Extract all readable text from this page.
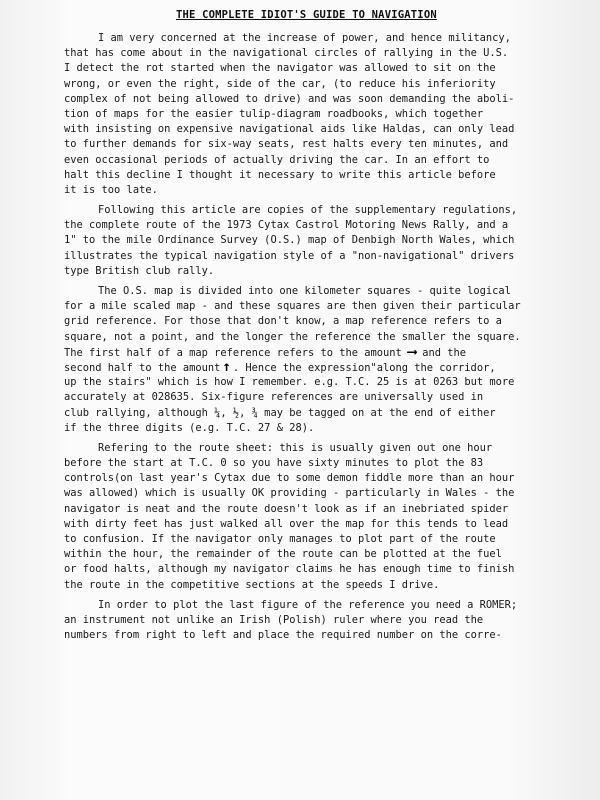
THE COMPLETE IDIOT'S GUIDE TO NAVIGATION
I am very concerned at the increase of power, and hence militancy,
that has come about in the navigational circles of rallying in the U.S.
I detect the rot started when the navigator was allowed to sit on the
wrong, or even the right, side of the car, (to reduce his inferiority
complex of not being allowed to drive) and was soon demanding the aboli-
tion of maps for the easier tulip-diagram roadbooks, which together
with insisting on expensive navigational aids like Haldas, can only lead
to further demands for six-way seats, rest halts every ten minutes, and
even occasional periods of actually driving the car. In an effort to
halt this decline I thought it necessary to write this article before
it is too late.
Following this article are copies of the supplementary regulations,
the complete route of the 1973 Cytax Castrol Motoring News Rally, and a
1" to the mile Ordinance Survey (O.S.) map of Denbigh North Wales, which
illustrates the typical navigation style of a "non-navigational" drivers
type British club rally.
The O.S. map is divided into one kilometer squares - quite logical
for a mile scaled map - and these squares are then given their particular
grid reference. For those that don't know, a map reference refers to a
square, not a point, and the longer the reference the smaller the square.
The first half of a map reference refers to the amount ⟶ and the
second half to the amount ↑ . Hence the expression"along the corridor,
up the stairs" which is how I remember. e.g. T.C. 25 is at 0263 but more
accurately at 028635. Six-figure references are universally used in
club rallying, although ¼, ½, ¾ may be tagged on at the end of either
if the three digits (e.g. T.C. 27 & 28).
Refering to the route sheet: this is usually given out one hour
before the start at T.C. 0 so you have sixty minutes to plot the 83
controls(on last year's Cytax due to some demon fiddle more than an hour
was allowed) which is usually OK providing - particularly in Wales - the
navigator is neat and the route doesn't look as if an inebriated spider
with dirty feet has just walked all over the map for this tends to lead
to confusion. If the navigator only manages to plot part of the route
within the hour, the remainder of the route can be plotted at the fuel
or food halts, although my navigator claims he has enough time to finish
the route in the competitive sections at the speeds I drive.
In order to plot the last figure of the reference you need a ROMER;
an instrument not unlike an Irish (Polish) ruler where you read the
numbers from right to left and place the required number on the corre-
